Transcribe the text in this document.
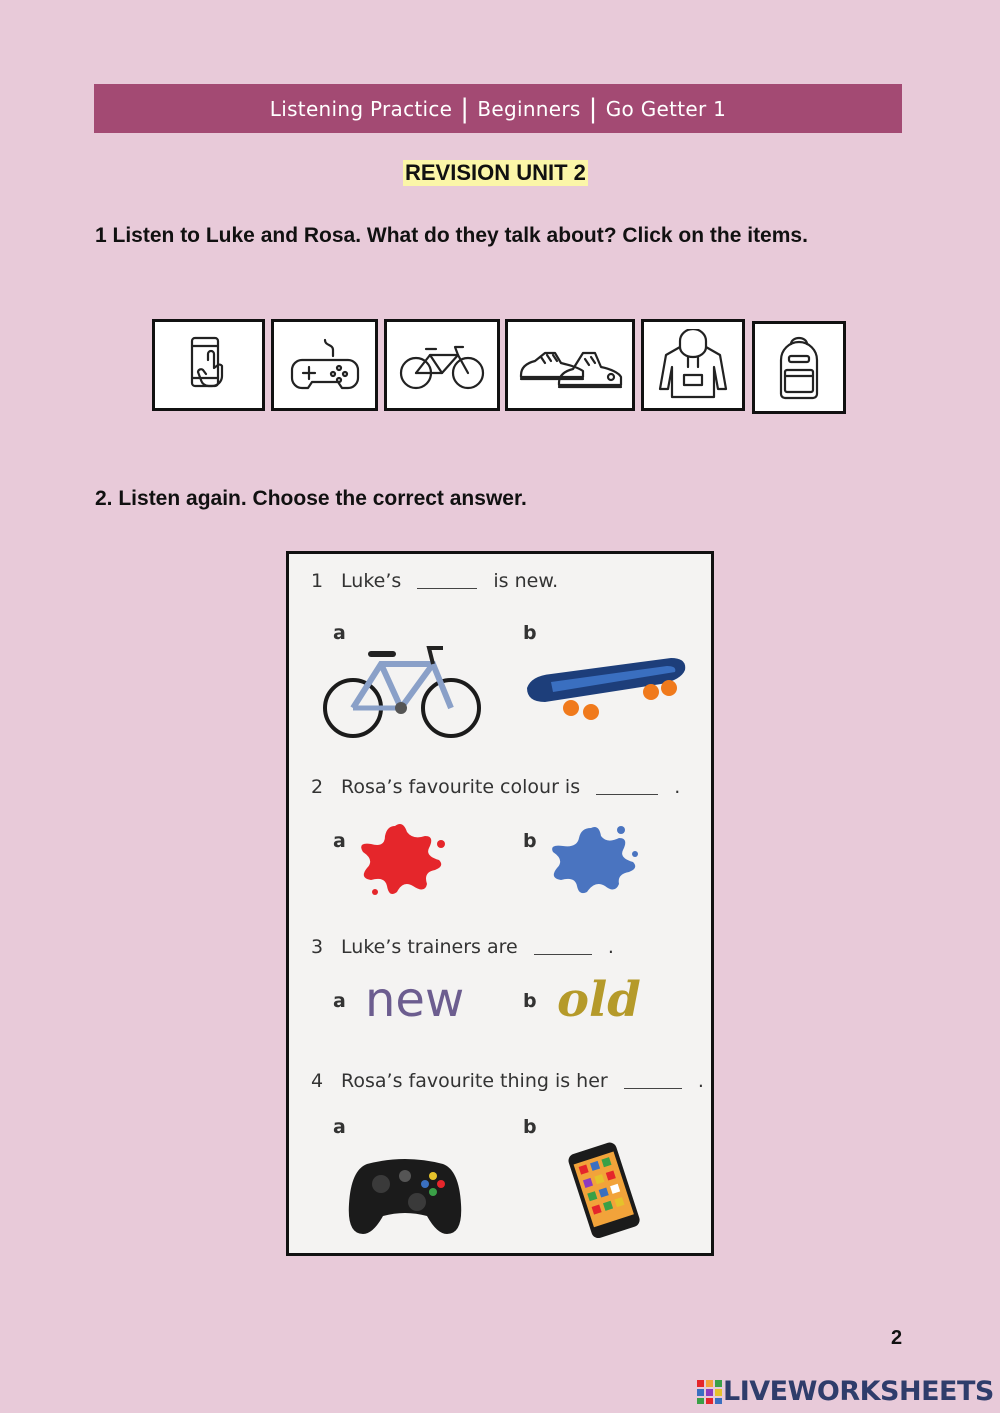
Listening Practice | Beginners | Go Getter 1
REVISION UNIT 2
1 Listen to Luke and Rosa. What do they talk about? Click on the items.
2. Listen again. Choose the correct answer.
1 Luke’s	is new.
a	b
2 Rosa’s favourite colour is	.
a	b
3 Luke’s trainers are	.
a new	b old
4 Rosa’s favourite thing is her	.
a	b
2
LIVEWORKSHEETS
